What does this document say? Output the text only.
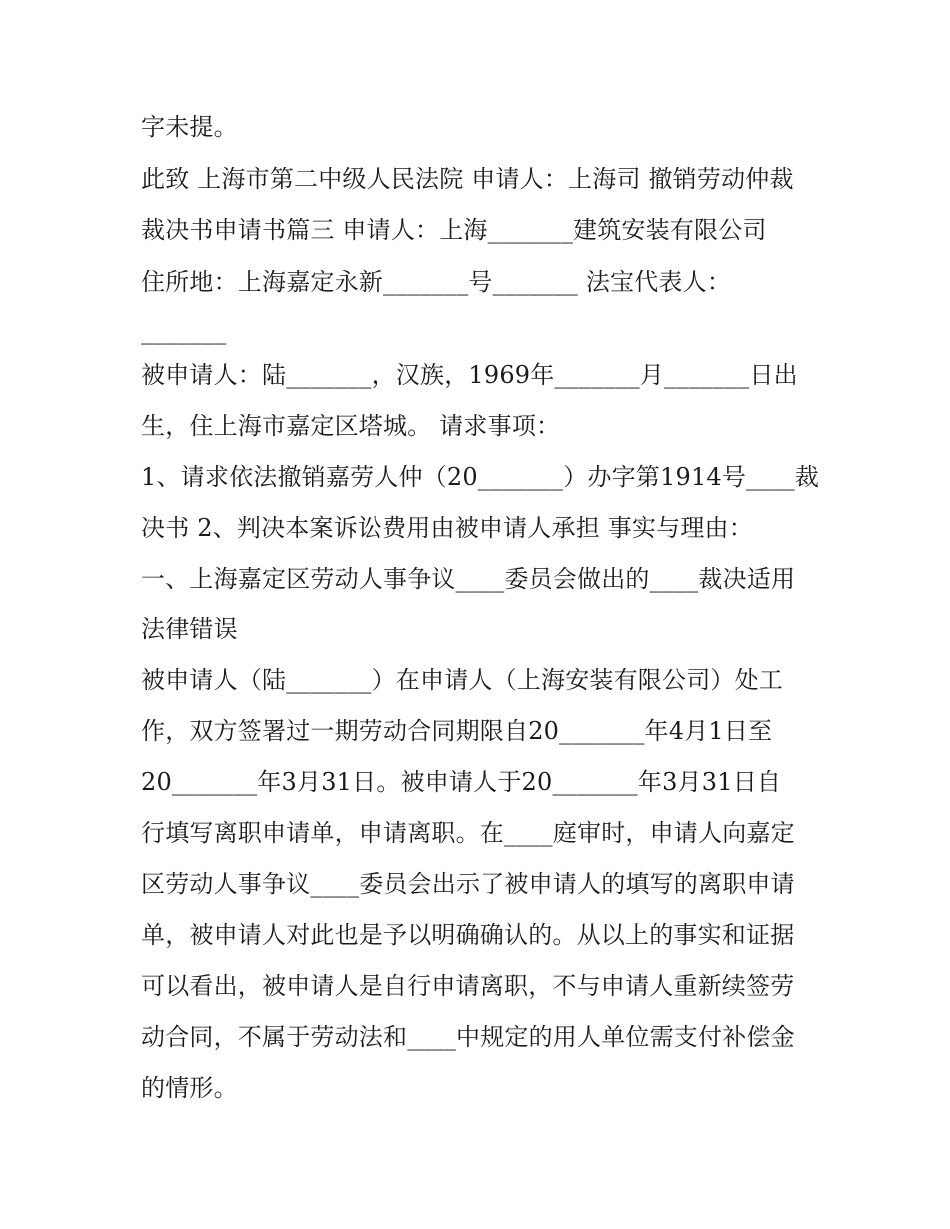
字未提。

此致 上海市第二中级人民法院 申请人：上海司 撤销劳动仲裁

裁决书申请书篇三 申请人：上海_______建筑安装有限公司

住所地：上海嘉定永新_______号_______ 法宝代表人：

_______

被申请人：陆_______，汉族，1969年_______月_______日出

生，住上海市嘉定区塔城。 请求事项：

1、请求依法撤销嘉劳人仲（20_______）办字第1914号____裁

决书 2、判决本案诉讼费用由被申请人承担 事实与理由：

一、上海嘉定区劳动人事争议____委员会做出的____裁决适用

法律错误

被申请人（陆_______）在申请人（上海安装有限公司）处工

作，双方签署过一期劳动合同期限自20_______年4月1日至

20_______年3月31日。被申请人于20_______年3月31日自

行填写离职申请单，申请离职。在____庭审时，申请人向嘉定

区劳动人事争议____委员会出示了被申请人的填写的离职申请

单，被申请人对此也是予以明确确认的。从以上的事实和证据

可以看出，被申请人是自行申请离职，不与申请人重新续签劳

动合同，不属于劳动法和____中规定的用人单位需支付补偿金

的情形。
